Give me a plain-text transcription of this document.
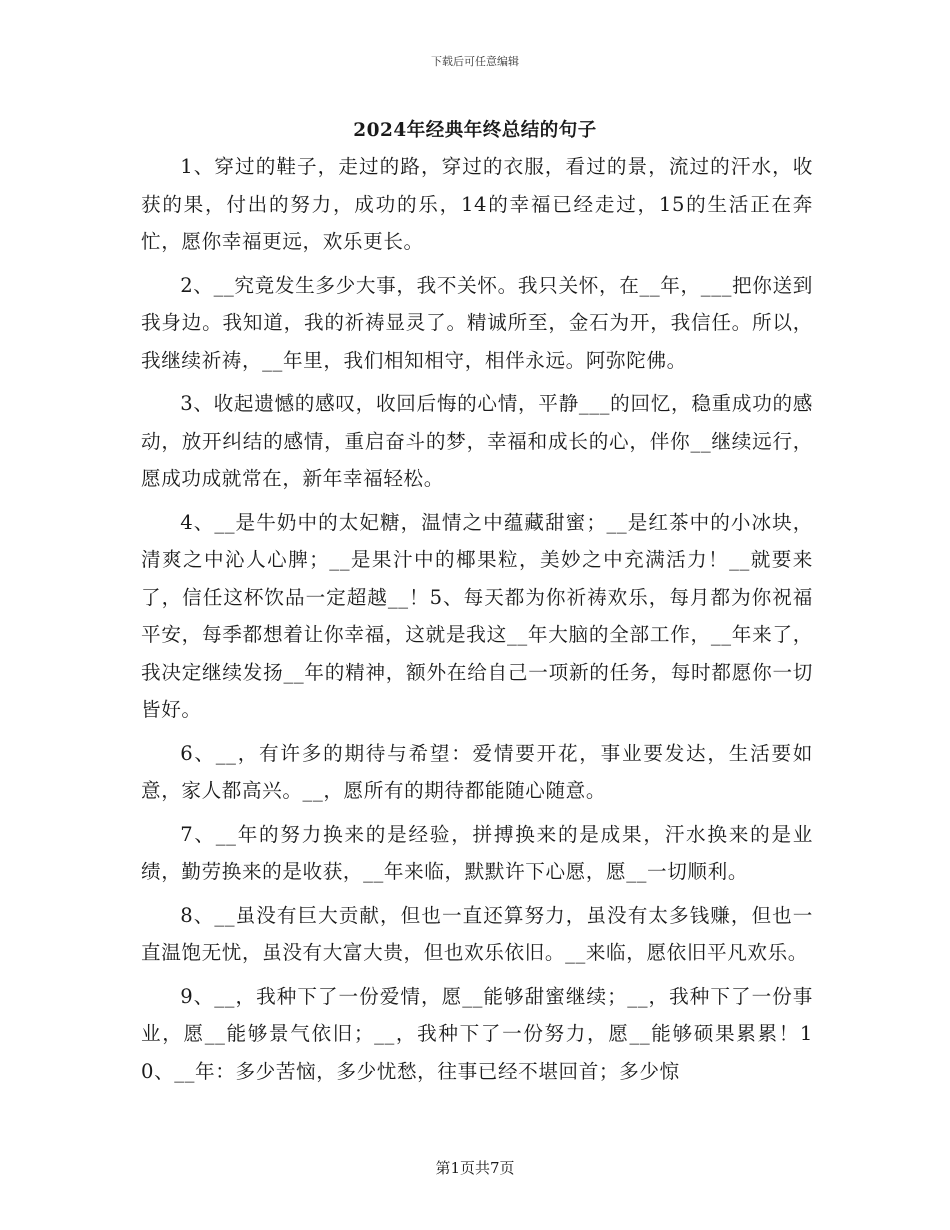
下载后可任意编辑
2024年经典年终总结的句子

1、穿过的鞋子，走过的路，穿过的衣服，看过的景，流过的汗水，收获的果，付出的努力，成功的乐，14的幸福已经走过，15的生活正在奔忙，愿你幸福更远，欢乐更长。

2、__究竟发生多少大事，我不关怀。我只关怀，在__年，___把你送到我身边。我知道，我的祈祷显灵了。精诚所至，金石为开，我信任。所以，我继续祈祷，__年里，我们相知相守，相伴永远。阿弥陀佛。

3、收起遗憾的感叹，收回后悔的心情，平静___的回忆，稳重成功的感动，放开纠结的感情，重启奋斗的梦，幸福和成长的心，伴你__继续远行，愿成功成就常在，新年幸福轻松。

4、__是牛奶中的太妃糖，温情之中蕴藏甜蜜；__是红茶中的小冰块，清爽之中沁人心脾；__是果汁中的椰果粒，美妙之中充满活力！__就要来了，信任这杯饮品一定超越__！5、每天都为你祈祷欢乐，每月都为你祝福平安，每季都想着让你幸福，这就是我这__年大脑的全部工作，__年来了，我决定继续发扬__年的精神，额外在给自己一项新的任务，每时都愿你一切皆好。

6、__，有许多的期待与希望：爱情要开花，事业要发达，生活要如意，家人都高兴。__，愿所有的期待都能随心随意。

7、__年的努力换来的是经验，拼搏换来的是成果，汗水换来的是业绩，勤劳换来的是收获，__年来临，默默许下心愿，愿__一切顺利。

8、__虽没有巨大贡献，但也一直还算努力，虽没有太多钱赚，但也一直温饱无忧，虽没有大富大贵，但也欢乐依旧。__来临，愿依旧平凡欢乐。

9、__，我种下了一份爱情，愿__能够甜蜜继续；__，我种下了一份事业，愿__能够景气依旧；__，我种下了一份努力，愿__能够硕果累累！10、__年：多少苦恼，多少忧愁，往事已经不堪回首；多少惊

第1页共7页
